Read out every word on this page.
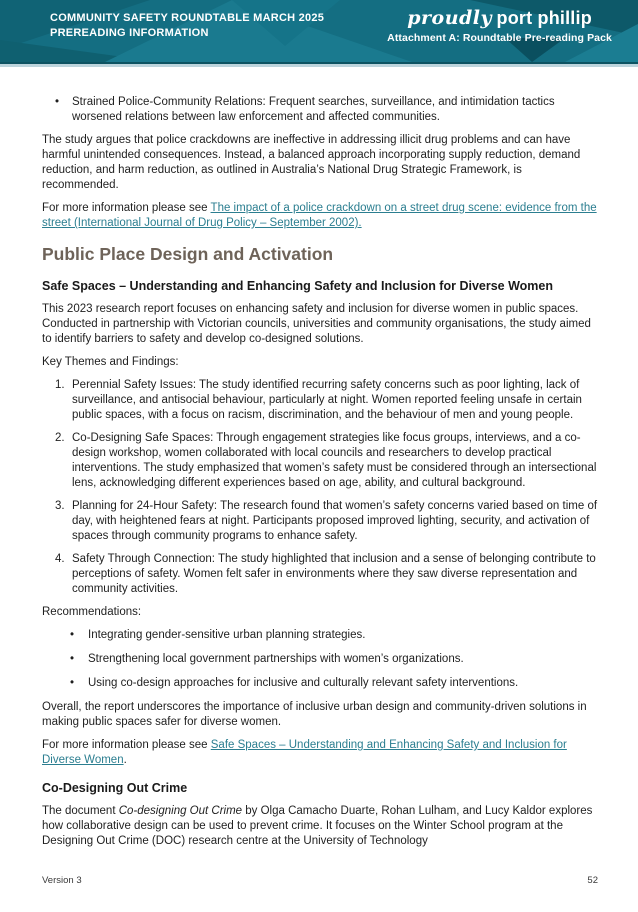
COMMUNITY SAFETY ROUNDTABLE MARCH 2025
PREREADING INFORMATION
proudly port phillip
Attachment A: Roundtable Pre-reading Pack
•	Strained Police-Community Relations: Frequent searches, surveillance, and intimidation tactics worsened relations between law enforcement and affected communities.

The study argues that police crackdowns are ineffective in addressing illicit drug problems and can have harmful unintended consequences. Instead, a balanced approach incorporating supply reduction, demand reduction, and harm reduction, as outlined in Australia’s National Drug Strategic Framework, is recommended.

For more information please see The impact of a police crackdown on a street drug scene: evidence from the street (International Journal of Drug Policy – September 2002).

Public Place Design and Activation
Safe Spaces – Understanding and Enhancing Safety and Inclusion for Diverse Women

This 2023 research report focuses on enhancing safety and inclusion for diverse women in public spaces. Conducted in partnership with Victorian councils, universities and community organisations, the study aimed to identify barriers to safety and develop co-designed solutions.

Key Themes and Findings:

1. Perennial Safety Issues: The study identified recurring safety concerns such as poor lighting, lack of surveillance, and antisocial behaviour, particularly at night. Women reported feeling unsafe in certain public spaces, with a focus on racism, discrimination, and the behaviour of men and young people.
2. Co-Designing Safe Spaces: Through engagement strategies like focus groups, interviews, and a co-design workshop, women collaborated with local councils and researchers to develop practical interventions. The study emphasized that women’s safety must be considered through an intersectional lens, acknowledging different experiences based on age, ability, and cultural background.
3. Planning for 24-Hour Safety: The research found that women’s safety concerns varied based on time of day, with heightened fears at night. Participants proposed improved lighting, security, and activation of spaces through community programs to enhance safety.
4. Safety Through Connection: The study highlighted that inclusion and a sense of belonging contribute to perceptions of safety. Women felt safer in environments where they saw diverse representation and community activities.

Recommendations:

•	Integrating gender-sensitive urban planning strategies.
•	Strengthening local government partnerships with women’s organizations.
•	Using co-design approaches for inclusive and culturally relevant safety interventions.

Overall, the report underscores the importance of inclusive urban design and community-driven solutions in making public spaces safer for diverse women.

For more information please see Safe Spaces – Understanding and Enhancing Safety and Inclusion for Diverse Women.

Co-Designing Out Crime

The document Co-designing Out Crime by Olga Camacho Duarte, Rohan Lulham, and Lucy Kaldor explores how collaborative design can be used to prevent crime. It focuses on the Winter School program at the Designing Out Crime (DOC) research centre at the University of Technology

Version 3	52
